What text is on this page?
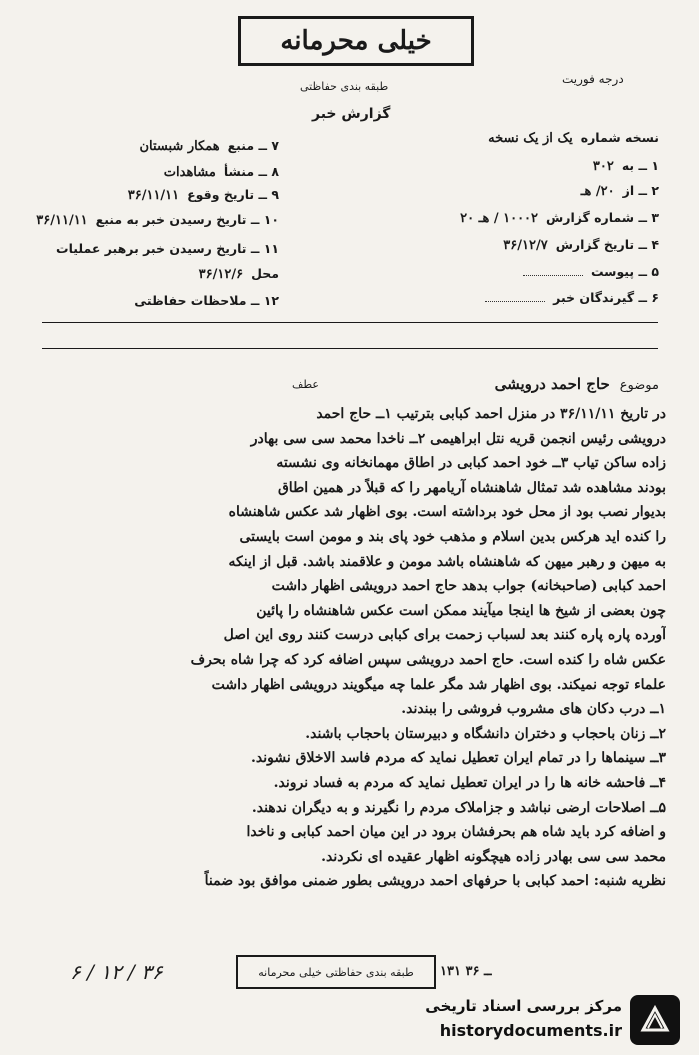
خیلی محرمانه
طبقه بندی حفاظتی
درجه فوریت
گزارش خبر
۷ ــ منبع
همکار شبستان
۸ ــ منشأ
مشاهدات
۹ ــ تاریخ وقوع
۳۶/۱۱/۱۱
۱۰ ــ تاریخ رسیدن خبر به منبع
۳۶/۱۱/۱۱
۱۱ ــ تاریخ رسیدن خبر برهبر عملیات
محل
۳۶/۱۲/۶
۱۲ ــ ملاحظات حفاظتی
نسخه شماره
یک از یک نسخه
۱ ــ به
۳۰۲
۲ ــ از
۲۰/ هـ
۳ ــ شماره گزارش
۱۰۰۰۲ / هـ ۲۰
۴ ــ تاریخ گزارش
۳۶/۱۲/۷
۵ ــ پیوست
۶ ــ گیرندگان خبر
موضوع
حاج احمد درویشی
عطف

در تاریخ ۳۶/۱۱/۱۱ در منزل احمد کبابی بترتیب ۱ــ حاج احمد

درویشی رئیس انجمن قریه نتل ابراهیمی ۲ــ ناخدا محمد سی سی بهادر

زاده ساکن تیاب ۳ــ خود احمد کبابی در اطاق مهمانخانه وی نشسته

بودند مشاهده شد تمثال شاهنشاه آریامهر را که قبلاً در همین اطاق

بدیوار نصب بود از محل خود برداشته است. بوی اظهار شد عکس شاهنشاه

را کنده اید هرکس بدین اسلام و مذهب خود پای بند و مومن است بایستی

به میهن و رهبر میهن که شاهنشاه باشد مومن و علاقمند باشد. قبل از اینکه

احمد کبابی (صاحبخانه) جواب بدهد حاج احمد درویشی اظهار داشت

چون بعضی از شیخ ها اینجا میآیند ممکن است عکس شاهنشاه را پائین

آورده پاره پاره کنند بعد لسباب زحمت برای کبابی درست کنند روی این اصل

عکس شاه را کنده است. حاج احمد درویشی سپس اضافه کرد که چرا شاه بحرف

علماء توجه نمیکند. بوی اظهار شد مگر علما چه میگویند درویشی اظهار داشت

۱ــ درب دکان های مشروب فروشی را ببندند.

۲ــ زنان باحجاب و دختران دانشگاه و دبیرستان باحجاب باشند.

۳ــ سینماها را در تمام ایران تعطیل نماید که مردم فاسد الاخلاق نشوند.

۴ــ فاحشه خانه ها را در ایران تعطیل نماید که مردم به فساد نروند.

۵ــ اصلاحات ارضی نباشد و جزاملاک مردم را نگیرند و به دیگران ندهند.

و اضافه کرد باید شاه هم بحرفشان برود در این میان احمد کبابی و ناخدا

محمد سی سی بهادر زاده هیچگونه اظهار عقیده ای نکردند.

نظریه شنبه: احمد کبابی با حرفهای احمد درویشی بطور ضمنی موافق بود ضمناً

۶ / ۱۲ / ۳۶	طبقه بندی حفاظتی خیلی محرمانه	۱۳۱ ــ ۳۶
مرکز بررسی اسناد تاریخی
historydocuments.ir
